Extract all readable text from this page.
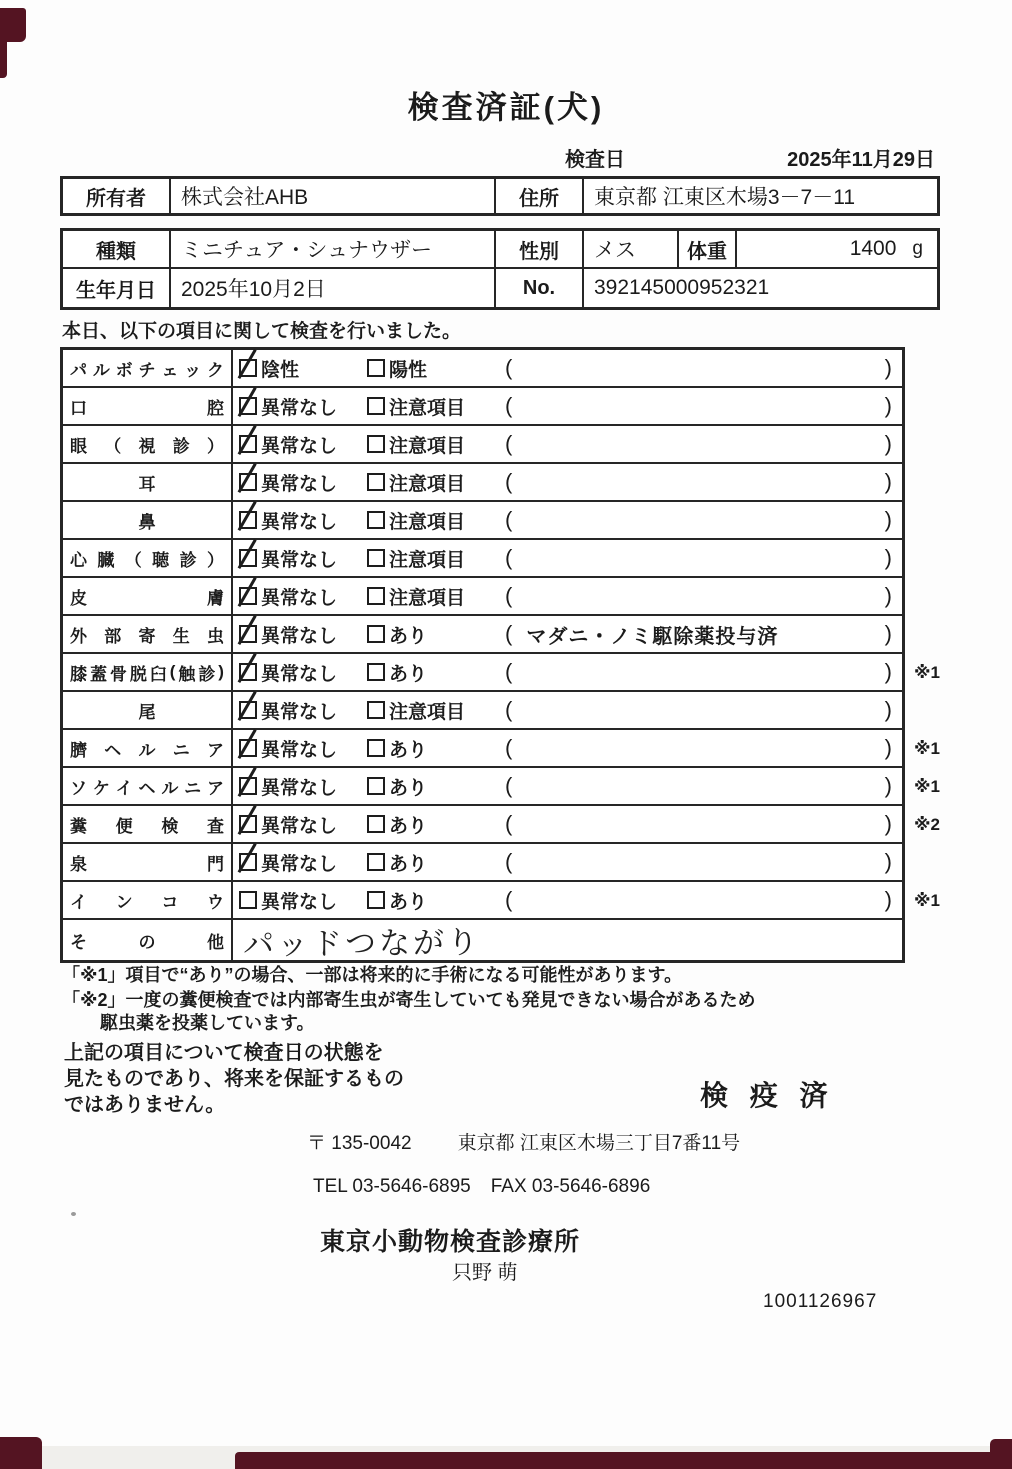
検査済証(犬)
検査日	2025年11月29日
所有者	株式会社AHB	住所	東京都 江東区木場3－7－11
種類	ミニチュア・シュナウザー	性別	メス	体重	1400 g
生年月日	2025年10月2日	No.	392145000952321
本日、以下の項目に関して検査を行いました。
パ ル ボ チ ェ ッ ク 陰性	陽性	(	)
口	腔 異常なし	注意項目 (	)
眼 （ 視 診 ） 異常なし	注意項目 (	)
耳	異常なし	注意項目 (	)
鼻	異常なし	注意項目 (	)
心 臓 （ 聴 診 ） 異常なし	注意項目 (	)
皮	膚 異常なし	注意項目 (	)
外 部 寄 生 虫 異常なし	あり	( マダニ・ノミ駆除薬投与済	)
膝 蓋 骨 脱 臼 ( 触 診 ) 異常なし	あり	(	) ※1
尾	異常なし	注意項目 (	)
臍 ヘ ル ニ ア 異常なし	あり	(	) ※1
ソ ケ イ ヘ ル ニ ア 異常なし	あり	(	) ※1
糞 便 検 査 異常なし	あり	(	) ※2
泉	門 異常なし	あり	(	)
イ ン コ ウ 異常なし	あり	(	) ※1
そ	の	他 パッドつながり
「※1」項目で“あり”の場合、一部は将来的に手術になる可能性があります。
「※2」一度の糞便検査では内部寄生虫が寄生していても発見できない場合があるため
駆虫薬を投薬しています。
上記の項目について検査日の状態を
見たものであり、将来を保証するもの
ではありません。	検 疫 済
〒 135-0042 東京都 江東区木場三丁目7番11号
TEL 03-5646-6895 FAX 03-5646-6896
東京小動物検査診療所
只野 萌
1001126967
